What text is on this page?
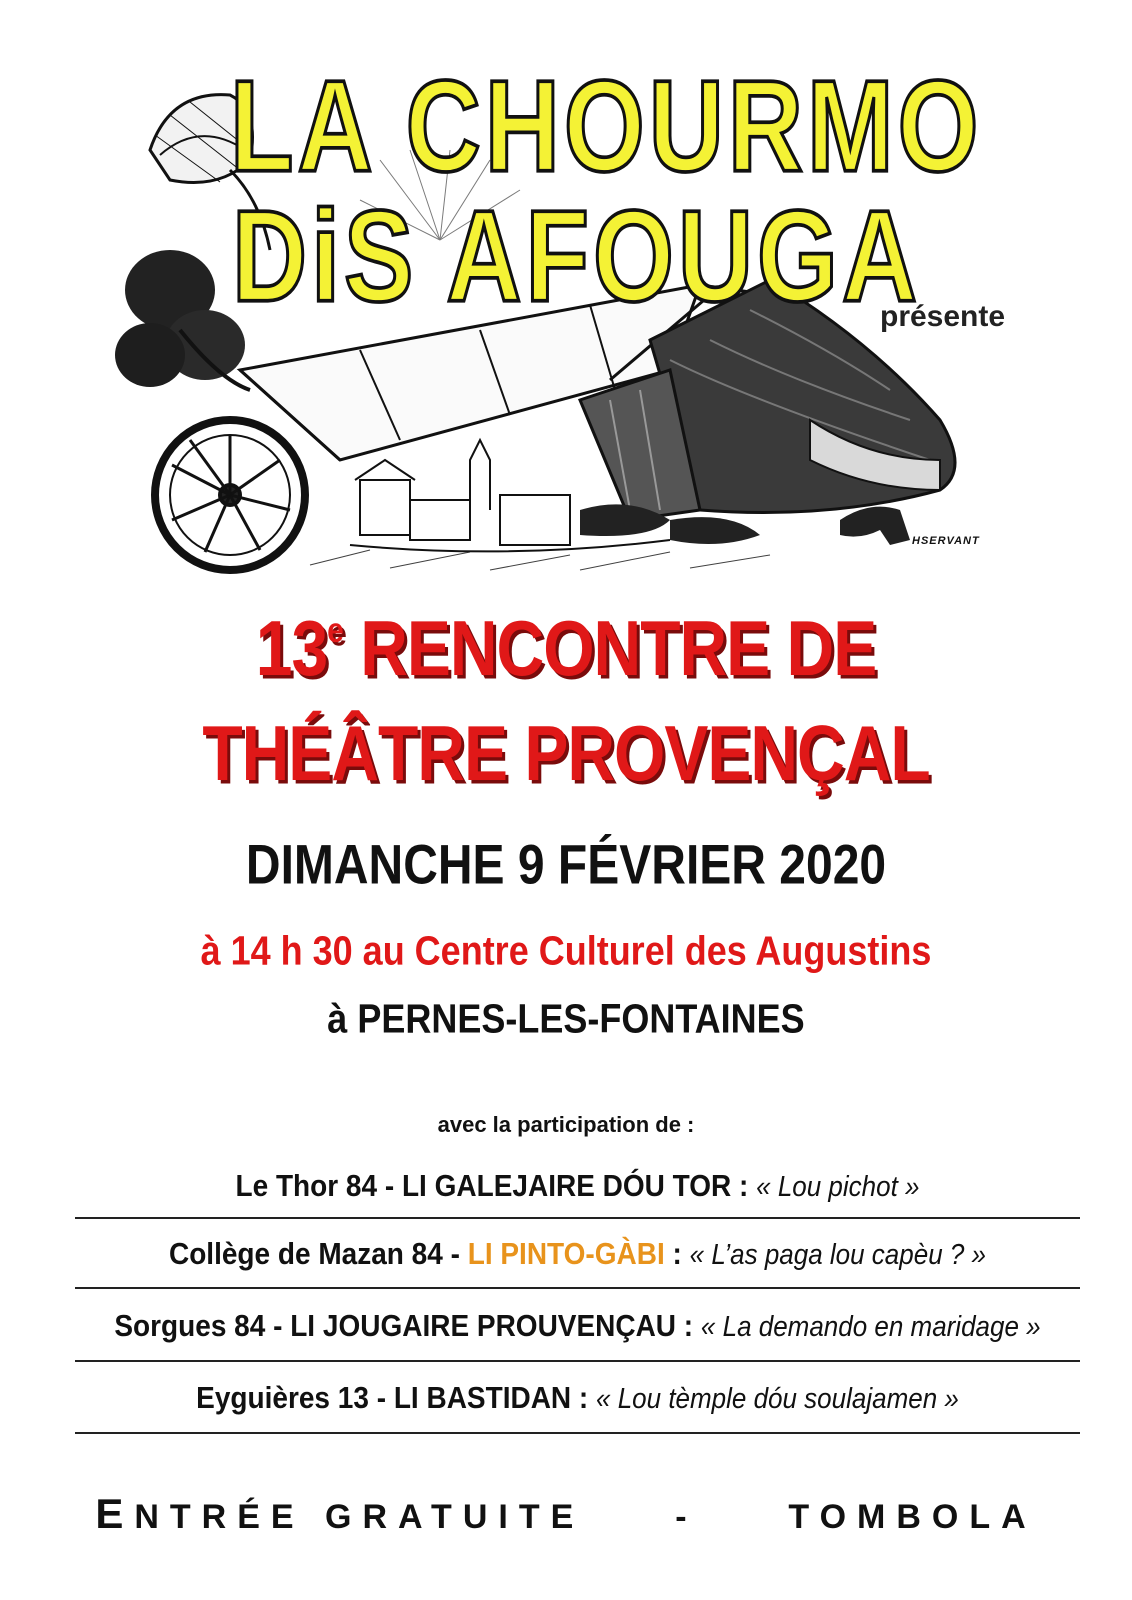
LA CHOURMO
DiS AFOUGA
présente
HSERVANT
13e RENCONTRE DE
THÉÂTRE PROVENÇAL
DIMANCHE 9 FÉVRIER 2020
à 14 h 30 au Centre Culturel des Augustins
à PERNES-LES-FONTAINES
avec la participation de :
Le Thor 84 - LI GALEJAIRE DÓU TOR : « Lou pichot »
Collège de Mazan 84 - LI PINTO-GÀBI : « L’as paga lou capèu ? »
Sorgues 84 - LI JOUGAIRE PROUVENÇAU : « La demando en maridage »
Eyguières 13 - LI BASTIDAN : « Lou tèmple dóu soulajamen »
ENTRÉE GRATUITE	-	TOMBOLA
